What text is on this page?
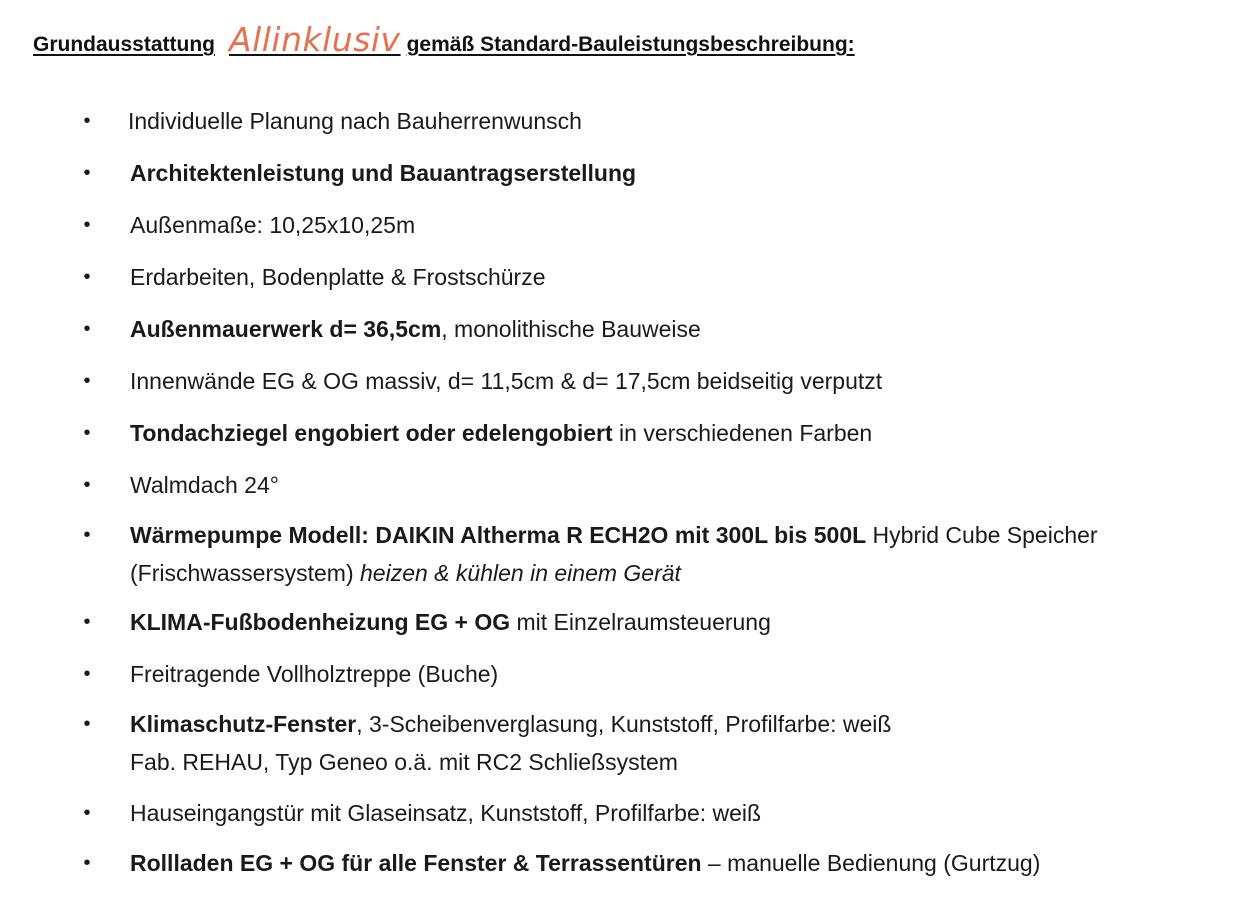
Grundausstattung Allinklusiv gemäß Standard-Bauleistungsbeschreibung:
• Individuelle Planung nach Bauherrenwunsch
• Architektenleistung und Bauantragserstellung
• Außenmaße: 10,25x10,25m
• Erdarbeiten, Bodenplatte & Frostschürze
• Außenmauerwerk d= 36,5cm, monolithische Bauweise
• Innenwände EG & OG massiv, d= 11,5cm & d= 17,5cm beidseitig verputzt
• Tondachziegel engobiert oder edelengobiert in verschiedenen Farben
• Walmdach 24°
• Wärmepumpe Modell: DAIKIN Altherma R ECH2O mit 300L bis 500L Hybrid Cube Speicher
(Frischwassersystem) heizen & kühlen in einem Gerät
• KLIMA-Fußbodenheizung EG + OG mit Einzelraumsteuerung
• Freitragende Vollholztreppe (Buche)
• Klimaschutz-Fenster, 3-Scheibenverglasung, Kunststoff, Profilfarbe: weiß
Fab. REHAU, Typ Geneo o.ä. mit RC2 Schließsystem
• Hauseingangstür mit Glaseinsatz, Kunststoff, Profilfarbe: weiß
• Rollladen EG + OG für alle Fenster & Terrassentüren – manuelle Bedienung (Gurtzug)
